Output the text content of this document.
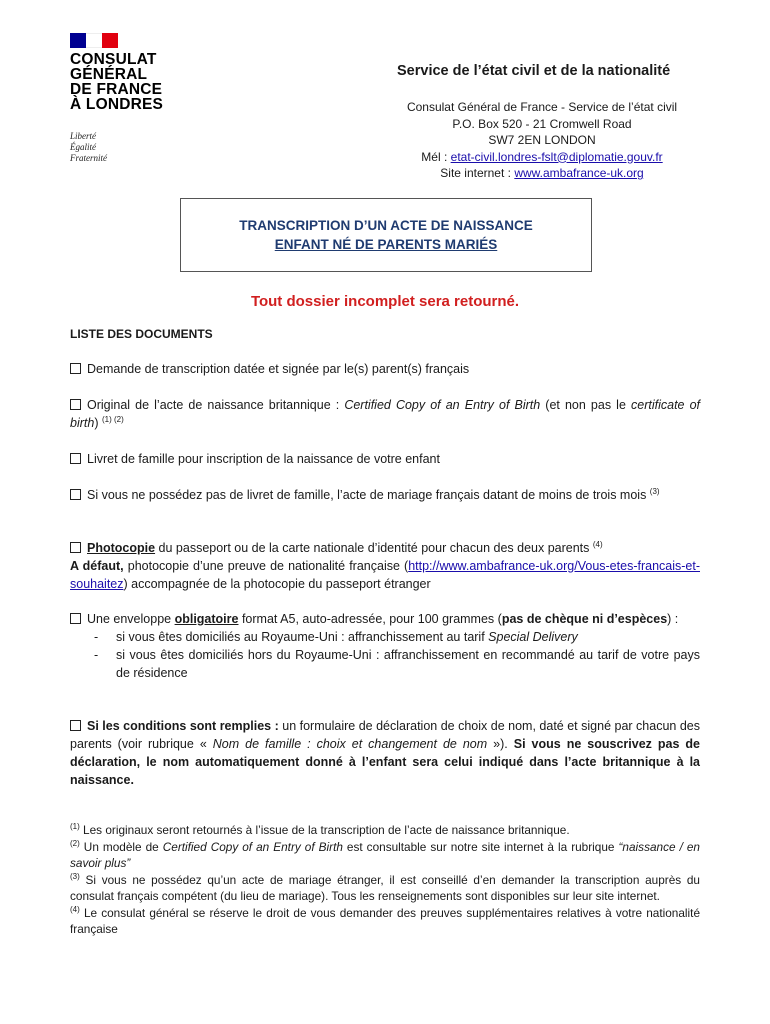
CONSULAT
GÉNÉRAL
DE FRANCE
À LONDRES
Liberté
Égalité
Fraternité
Service de l’état civil et de la nationalité
Consulat Général de France - Service de l’état civil
P.O. Box 520 - 21 Cromwell Road
SW7 2EN LONDON
Mél : etat-civil.londres-fslt@diplomatie.gouv.fr
Site internet : www.ambafrance-uk.org
TRANSCRIPTION D’UN ACTE DE NAISSANCE
ENFANT NÉ DE PARENTS MARIÉS
Tout dossier incomplet sera retourné.
LISTE DES DOCUMENTS
Demande de transcription datée et signée par le(s) parent(s) français
Original de l’acte de naissance britannique : Certified Copy of an Entry of Birth (et non pas le certificate of birth) $^{(1) (2)}$
Livret de famille pour inscription de la naissance de votre enfant
Si vous ne possédez pas de livret de famille, l’acte de mariage français datant de moins de trois mois $^{(3)}$
Photocopie du passeport ou de la carte nationale d’identité pour chacun des deux parents $^{(4)}$
A défaut, photocopie d’une preuve de nationalité française (http://www.ambafrance-uk.org/Vous-etes-francais-et-souhaitez) accompagnée de la photocopie du passeport étranger
Une enveloppe obligatoire format A5, auto-adressée, pour 100 grammes (pas de chèque ni d’espèces) :
- si vous êtes domiciliés au Royaume-Uni : affranchissement au tarif Special Delivery
- si vous êtes domiciliés hors du Royaume-Uni : affranchissement en recommandé au tarif de votre pays de résidence
Si les conditions sont remplies : un formulaire de déclaration de choix de nom, daté et signé par chacun des parents (voir rubrique « Nom de famille : choix et changement de nom »). Si vous ne souscrivez pas de déclaration, le nom automatiquement donné à l’enfant sera celui indiqué dans l’acte britannique à la naissance.

$^{(1)}$ Les originaux seront retournés à l’issue de la transcription de l’acte de naissance britannique.

$^{(2)}$ Un modèle de Certified Copy of an Entry of Birth est consultable sur notre site internet à la rubrique “naissance / en savoir plus”

$^{(3)}$ Si vous ne possédez qu’un acte de mariage étranger, il est conseillé d’en demander la transcription auprès du consulat français compétent (du lieu de mariage). Tous les renseignements sont disponibles sur leur site internet.

$^{(4)}$ Le consulat général se réserve le droit de vous demander des preuves supplémentaires relatives à votre nationalité française
